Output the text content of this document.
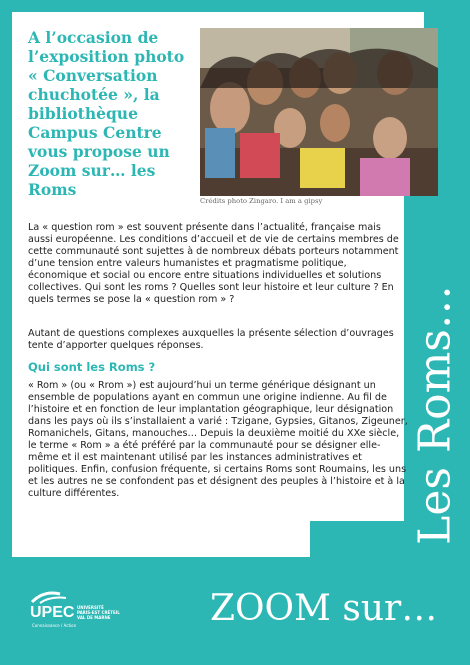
A l’occasion de l’exposition photo « Conversation chuchotée », la bibliothèque Campus Centre vous propose un Zoom sur… les Roms

Crédits photo Zingaro. I am a gipsy

La « question rom » est souvent présente dans l’actualité, française mais aussi européenne. Les conditions d’accueil et de vie de certains membres de cette communauté sont sujettes à de nombreux débats porteurs notamment d’une tension entre valeurs humanistes et pragmatisme politique, économique et social ou encore entre situations individuelles et solutions collectives. Qui sont les roms ? Quelles sont leur histoire et leur culture ? En quels termes se pose la « question rom » ?

Autant de questions complexes auxquelles la présente sélection d’ouvrages tente d’apporter quelques réponses.

Qui sont les Roms ?

« Rom » (ou « Rrom ») est aujourd’hui un terme générique désignant un ensemble de populations ayant en commun une origine indienne. Au fil de l’histoire et en fonction de leur implantation géographique, leur désignation dans les pays où ils s’installaient a varié : Tzigane, Gypsies, Gitanos, Zigeuner, Romanichels, Gitans, manouches… Depuis la deuxième moitié du XXe siècle, le terme « Rom » a été préféré par la communauté pour se désigner elle-même et il est maintenant utilisé par les instances administratives et politiques. Enfin, confusion fréquente, si certains Roms sont Roumains, les uns et les autres ne se confondent pas et désignent des peuples à l’histoire et à la culture différentes.	Les Roms…
UPEC UNIVERSITÉ
PARIS-EST CRÉTEIL
VAL DE MARNE
Connaissance / Action	ZOOM sur…
